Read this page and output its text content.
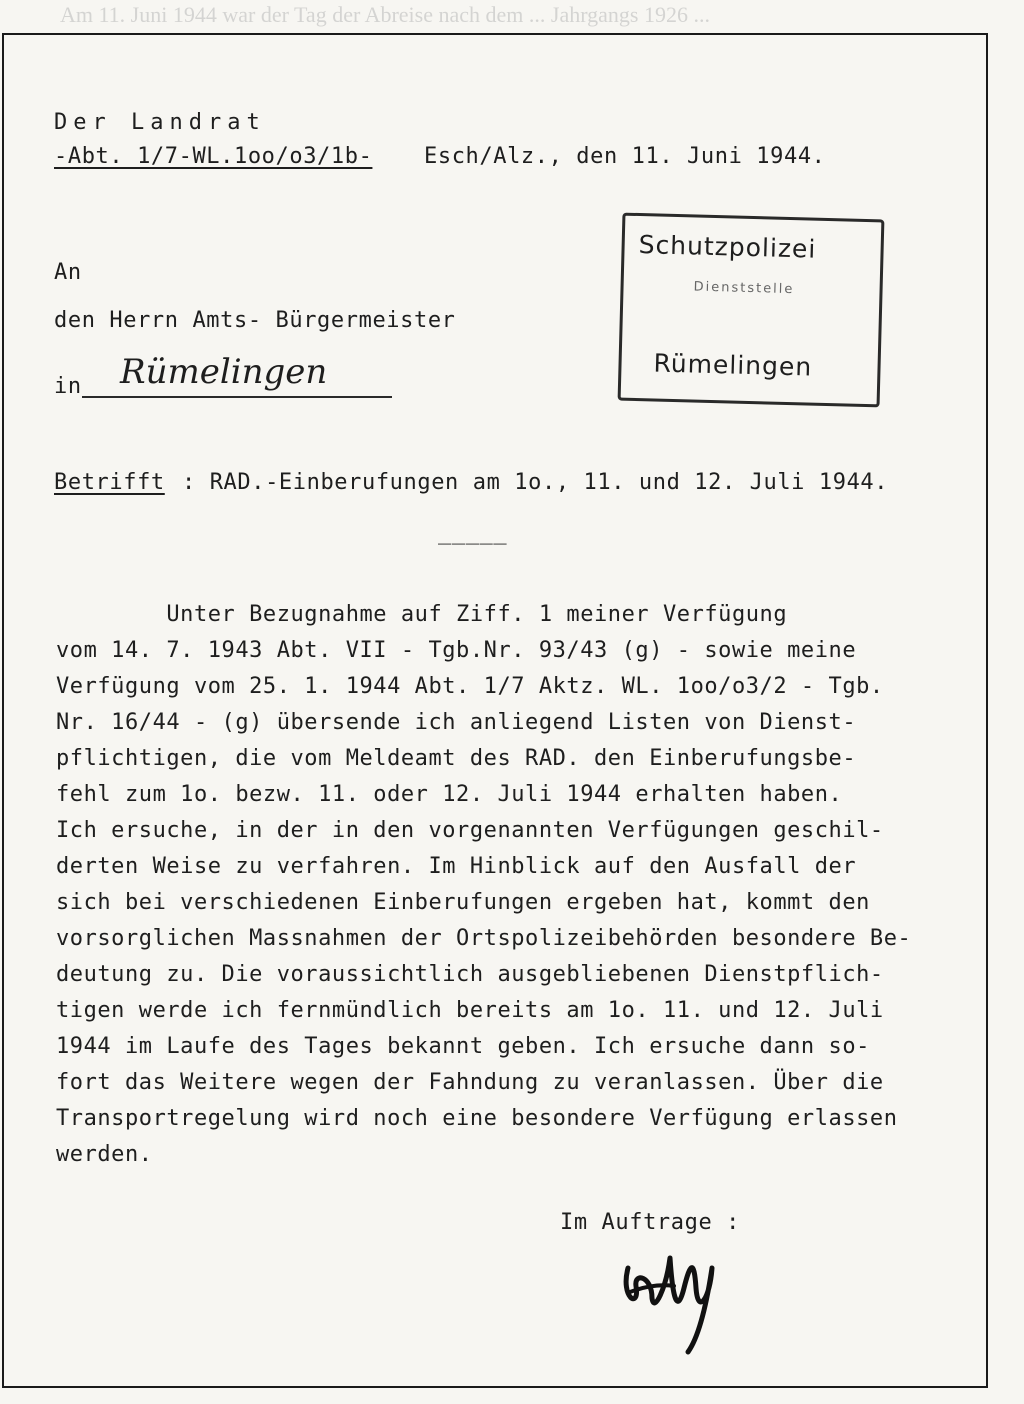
Am 11. Juni 1944 war der Tag der Abreise nach dem ... Jahrgangs 1926 ...
Der Landrat
-Abt. 1/7-WL.1oo/o3/1b- Esch/Alz., den 11. Juni 1944.
An
den Herrn Amts- Bürgermeister
in Rümelingen
Schutzpolizei
Dienststelle
Rümelingen
Betrifft : RAD.-Einberufungen am 1o., 11. und 12. Juli 1944.
_____
Unter Bezugnahme auf Ziff. 1 meiner Verfügung
vom 14. 7. 1943 Abt. VII - Tgb.Nr. 93/43 (g) - sowie meine
Verfügung vom 25. 1. 1944 Abt. 1/7 Aktz. WL. 1oo/o3/2 - Tgb.
Nr. 16/44 - (g) übersende ich anliegend Listen von Dienst-
pflichtigen, die vom Meldeamt des RAD. den Einberufungsbe-
fehl zum 1o. bezw. 11. oder 12. Juli 1944 erhalten haben.
Ich ersuche, in der in den vorgenannten Verfügungen geschil-
derten Weise zu verfahren. Im Hinblick auf den Ausfall der
sich bei verschiedenen Einberufungen ergeben hat, kommt den
vorsorglichen Massnahmen der Ortspolizeibehörden besondere Be-
deutung zu. Die voraussichtlich ausgebliebenen Dienstpflich-
tigen werde ich fernmündlich bereits am 1o. 11. und 12. Juli
1944 im Laufe des Tages bekannt geben. Ich ersuche dann so-
fort das Weitere wegen der Fahndung zu veranlassen. Über die
Transportregelung wird noch eine besondere Verfügung erlassen
werden.
Im Auftrage :
